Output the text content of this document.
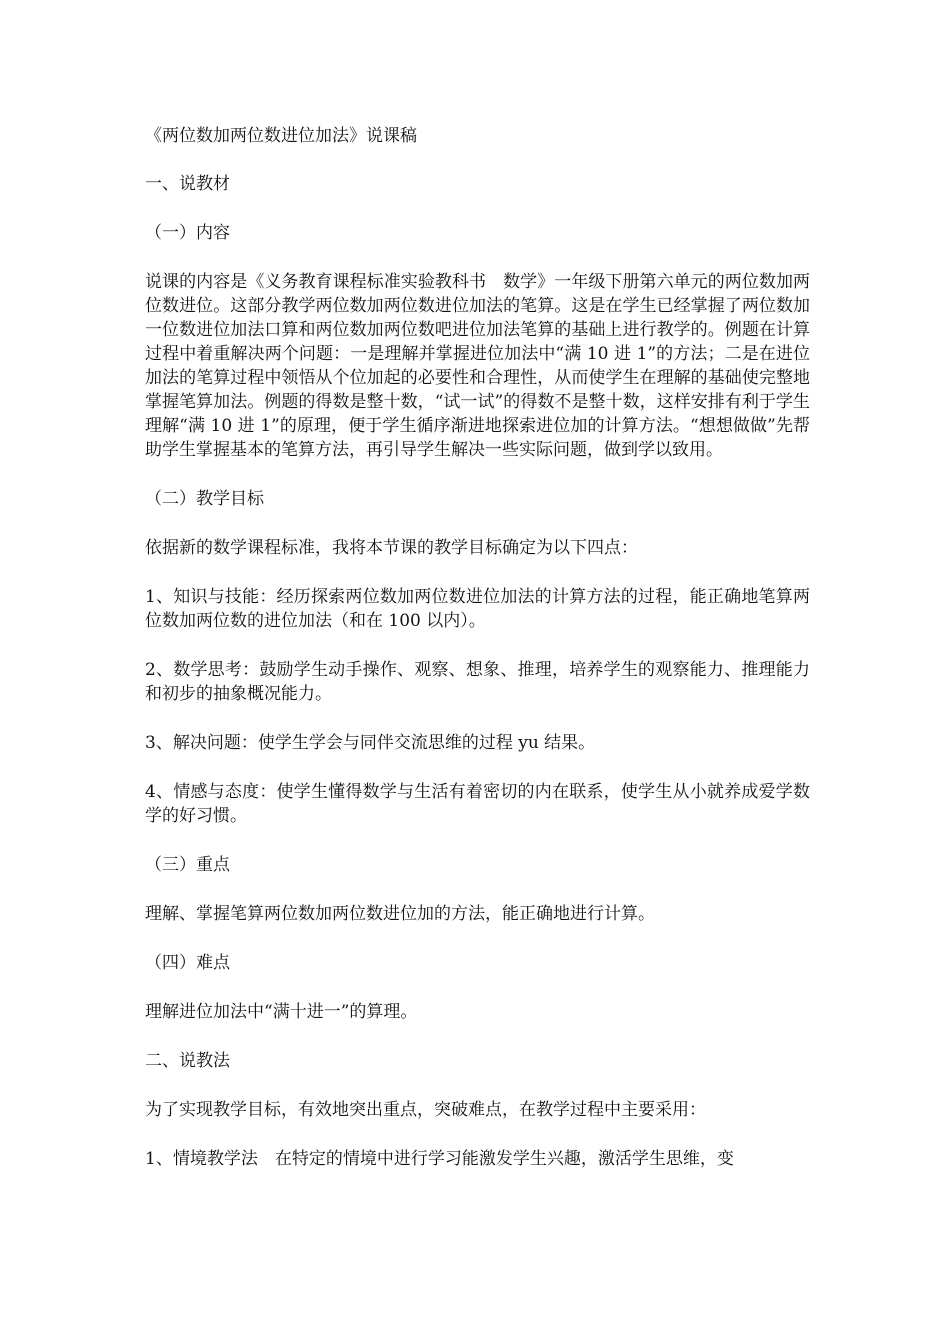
《两位数加两位数进位加法》说课稿

一、说教材

（一）内容

说课的内容是《义务教育课程标准实验教科书　数学》一年级下册第六单元的两位数加两位数进位。这部分教学两位数加两位数进位加法的笔算。这是在学生已经掌握了两位数加一位数进位加法口算和两位数加两位数吧进位加法笔算的基础上进行教学的。例题在计算过程中着重解决两个问题：一是理解并掌握进位加法中“满 10 进 1”的方法；二是在进位加法的笔算过程中领悟从个位加起的必要性和合理性，从而使学生在理解的基础使完整地掌握笔算加法。例题的得数是整十数，“试一试”的得数不是整十数，这样安排有利于学生理解“满 10 进 1”的原理，便于学生循序渐进地探索进位加的计算方法。“想想做做”先帮助学生掌握基本的笔算方法，再引导学生解决一些实际问题，做到学以致用。

（二）教学目标

依据新的数学课程标准，我将本节课的教学目标确定为以下四点：

1、知识与技能：经历探索两位数加两位数进位加法的计算方法的过程，能正确地笔算两位数加两位数的进位加法（和在 100 以内）。

2、数学思考：鼓励学生动手操作、观察、想象、推理，培养学生的观察能力、推理能力和初步的抽象概况能力。

3、解决问题：使学生学会与同伴交流思维的过程 yu 结果。

4、情感与态度：使学生懂得数学与生活有着密切的内在联系，使学生从小就养成爱学数学的好习惯。

（三）重点

理解、掌握笔算两位数加两位数进位加的方法，能正确地进行计算。

（四）难点

理解进位加法中“满十进一”的算理。

二、说教法

为了实现教学目标，有效地突出重点，突破难点，在教学过程中主要采用：

1、情境教学法　在特定的情境中进行学习能激发学生兴趣，激活学生思维，变
